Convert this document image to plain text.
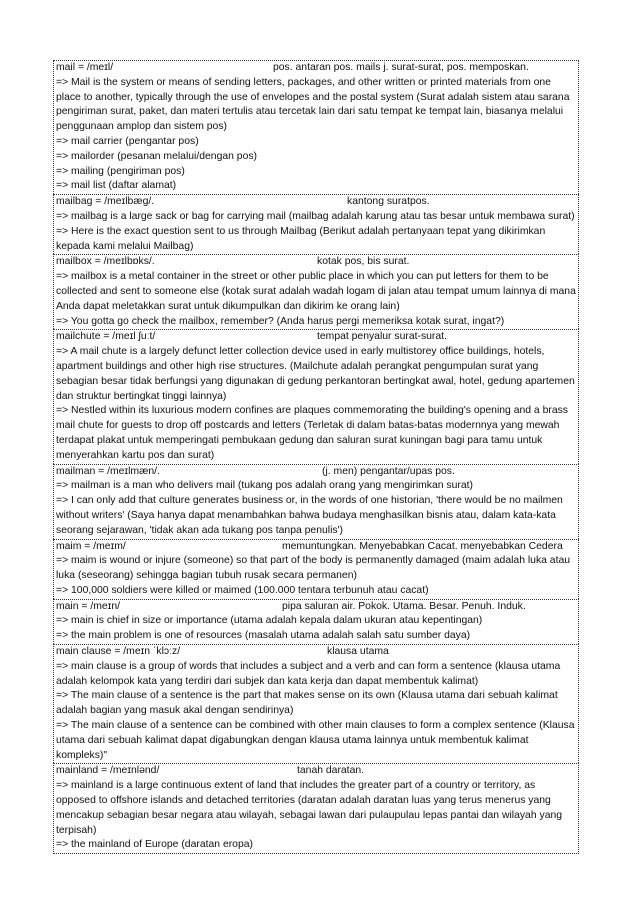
mail = /meɪl/	pos. antaran pos. mails j. surat-surat, pos. memposkan.

=> Mail is the system or means of sending letters, packages, and other written or printed materials from one place to another, typically through the use of envelopes and the postal system (Surat adalah sistem atau sarana pengiriman surat, paket, dan materi tertulis atau tercetak lain dari satu tempat ke tempat lain, biasanya melalui penggunaan amplop dan sistem pos)

=> mail carrier (pengantar pos)

=> mailorder (pesanan melalui/dengan pos)

=> mailing (pengiriman pos)

=> mail list (daftar alamat)

mailbag = /meɪlbæg/.	kantong suratpos.

=> mailbag is a large sack or bag for carrying mail (mailbag adalah karung atau tas besar untuk membawa surat)

=> Here is the exact question sent to us through Mailbag (Berikut adalah pertanyaan tepat yang dikirimkan kepada kami melalui Mailbag)

mailbox = /meɪlbɒks/.	kotak pos, bis surat.

=> mailbox is a metal container in the street or other public place in which you can put letters for them to be collected and sent to someone else (kotak surat adalah wadah logam di jalan atau tempat umum lainnya di mana Anda dapat meletakkan surat untuk dikumpulkan dan dikirim ke orang lain)

=> You gotta go check the mailbox, remember? (Anda harus pergi memeriksa kotak surat, ingat?)

mailchute = /meɪl ʃuːt/	tempat penyalur surat-surat.

=> A mail chute is a largely defunct letter collection device used in early multistorey office buildings, hotels, apartment buildings and other high rise structures. (Mailchute adalah perangkat pengumpulan surat yang sebagian besar tidak berfungsi yang digunakan di gedung perkantoran bertingkat awal, hotel, gedung apartemen dan struktur bertingkat tinggi lainnya)

=> Nestled within its luxurious modern confines are plaques commemorating the building's opening and a brass mail chute for guests to drop off postcards and letters (Terletak di dalam batas-batas modernnya yang mewah terdapat plakat untuk memperingati pembukaan gedung dan saluran surat kuningan bagi para tamu untuk menyerahkan kartu pos dan surat)

mailman = /meɪlmæn/.	(j. men) pengantar/upas pos.

=> mailman is a man who delivers mail (tukang pos adalah orang yang mengirimkan surat)

=> I can only add that culture generates business or, in the words of one historian, 'there would be no mailmen without writers' (Saya hanya dapat menambahkan bahwa budaya menghasilkan bisnis atau, dalam kata-kata seorang sejarawan, 'tidak akan ada tukang pos tanpa penulis')

maim = /meɪm/	memuntungkan. Menyebabkan Cacat. menyebabkan Cedera

=> maim is wound or injure (someone) so that part of the body is permanently damaged (maim adalah luka atau luka (seseorang) sehingga bagian tubuh rusak secara permanen)

=> 100,000 soldiers were killed or maimed (100.000 tentara terbunuh atau cacat)

main = /meɪn/	pipa saluran air. Pokok. Utama. Besar. Penuh. Induk.

=> main is chief in size or importance (utama adalah kepala dalam ukuran atau kepentingan)

=> the main problem is one of resources (masalah utama adalah salah satu sumber daya)

main clause = /meɪn ˈklɔːz/	klausa utama

=> main clause is a group of words that includes a subject and a verb and can form a sentence (klausa utama adalah kelompok kata yang terdiri dari subjek dan kata kerja dan dapat membentuk kalimat)

=> The main clause of a sentence is the part that makes sense on its own (Klausa utama dari sebuah kalimat adalah bagian yang masuk akal dengan sendirinya)

=> The main clause of a sentence can be combined with other main clauses to form a complex sentence (Klausa utama dari sebuah kalimat dapat digabungkan dengan klausa utama lainnya untuk membentuk kalimat kompleks)"

mainland = /meɪnlənd/	tanah daratan.

=> mainland is a large continuous extent of land that includes the greater part of a country or territory, as opposed to offshore islands and detached territories (daratan adalah daratan luas yang terus menerus yang mencakup sebagian besar negara atau wilayah, sebagai lawan dari pulaupulau lepas pantai dan wilayah yang terpisah)

=> the mainland of Europe (daratan eropa)
